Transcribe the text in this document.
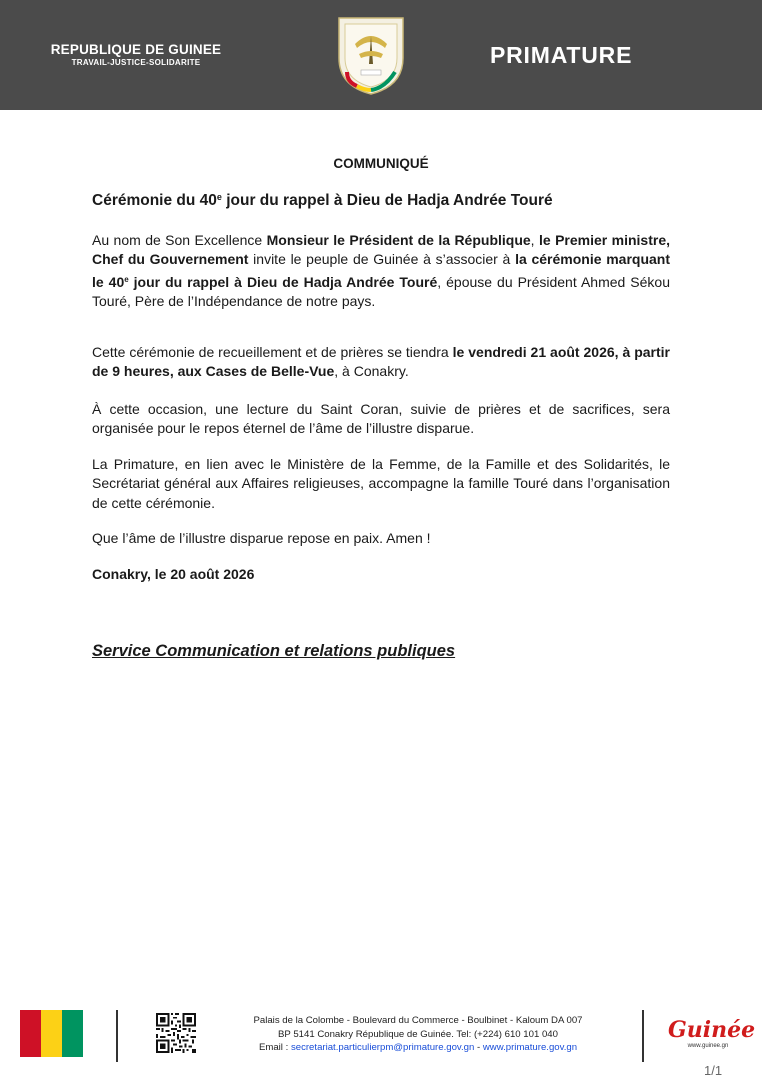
REPUBLIQUE DE GUINEE
TRAVAIL-JUSTICE-SOLIDARITE	PRIMATURE
COMMUNIQUÉ
Cérémonie du 40e jour du rappel à Dieu de Hadja Andrée Touré
Au nom de Son Excellence Monsieur le Président de la République, le Premier ministre, Chef du Gouvernement invite le peuple de Guinée à s’associer à la cérémonie marquant le 40e jour du rappel à Dieu de Hadja Andrée Touré, épouse du Président Ahmed Sékou Touré, Père de l’Indépendance de notre pays.
Cette cérémonie de recueillement et de prières se tiendra le vendredi 21 août 2026, à partir de 9 heures, aux Cases de Belle-Vue, à Conakry.
À cette occasion, une lecture du Saint Coran, suivie de prières et de sacrifices, sera organisée pour le repos éternel de l’âme de l’illustre disparue.
La Primature, en lien avec le Ministère de la Femme, de la Famille et des Solidarités, le Secrétariat général aux Affaires religieuses, accompagne la famille Touré dans l’organisation de cette cérémonie.
Que l’âme de l’illustre disparue repose en paix. Amen !
Conakry, le 20 août 2026
Service Communication et relations publiques
Palais de la Colombe - Boulevard du Commerce - Boulbinet - Kaloum DA 007
BP 5141 Conakry République de Guinée. Tel: (+224) 610 101 040
Email : secretariat.particulierpm@primature.gov.gn - www.primature.gov.gn
Guinée
www.guinee.gn
1/1
